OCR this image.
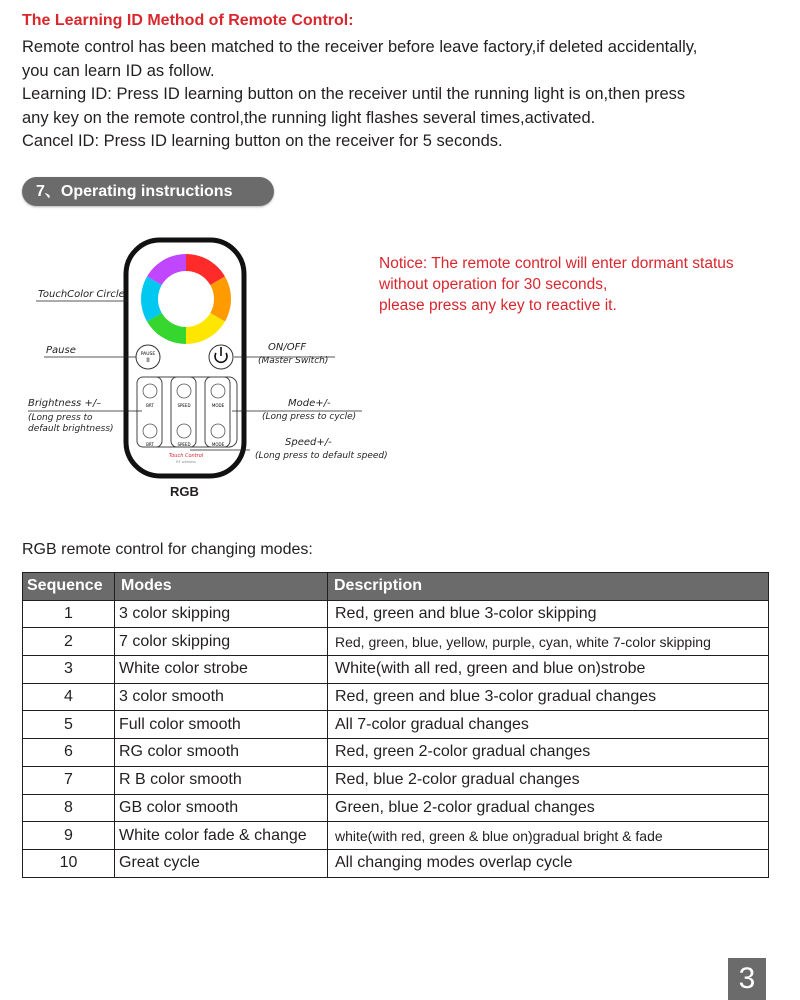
The Learning ID Method of Remote Control:
Remote control has been matched to the receiver before leave factory,if deleted accidentally,
you can learn ID as follow.
Learning ID: Press ID learning button on the receiver until the running light is on,then press
any key on the remote control,the running light flashes several times,activated.
Cancel ID: Press ID learning button on the receiver for 5 seconds.
7、Operating instructions
PAUSE
II
BRT	SPEED	MODE
BRT	SPEED	MODE
Touch Control
RF wireless
TouchColor Circle
Pause
Brightness +/–
(Long press to
default brightness)
ON/OFF
(Master Switch)
Mode+/-
(Long press to cycle)
Speed+/-
(Long press to default speed)
RGB
Notice: The remote control will enter dormant status
without operation for 30 seconds,
please press any key to reactive it.
RGB remote control for changing modes:
Sequence	Modes	Description
1	3 color skipping	Red, green and blue 3-color skipping
2	7 color skipping	Red, green, blue, yellow, purple, cyan, white 7-color skipping
3	White color strobe	White(with all red, green and blue on)strobe
4	3 color smooth	Red, green and blue 3-color gradual changes
5	Full color smooth	All 7-color gradual changes
6	RG color smooth	Red, green 2-color gradual changes
7	R B color smooth	Red, blue 2-color gradual changes
8	GB color smooth	Green, blue 2-color gradual changes
9	White color fade & change	white(with red, green & blue on)gradual bright & fade
10	Great cycle	All changing modes overlap cycle
3
